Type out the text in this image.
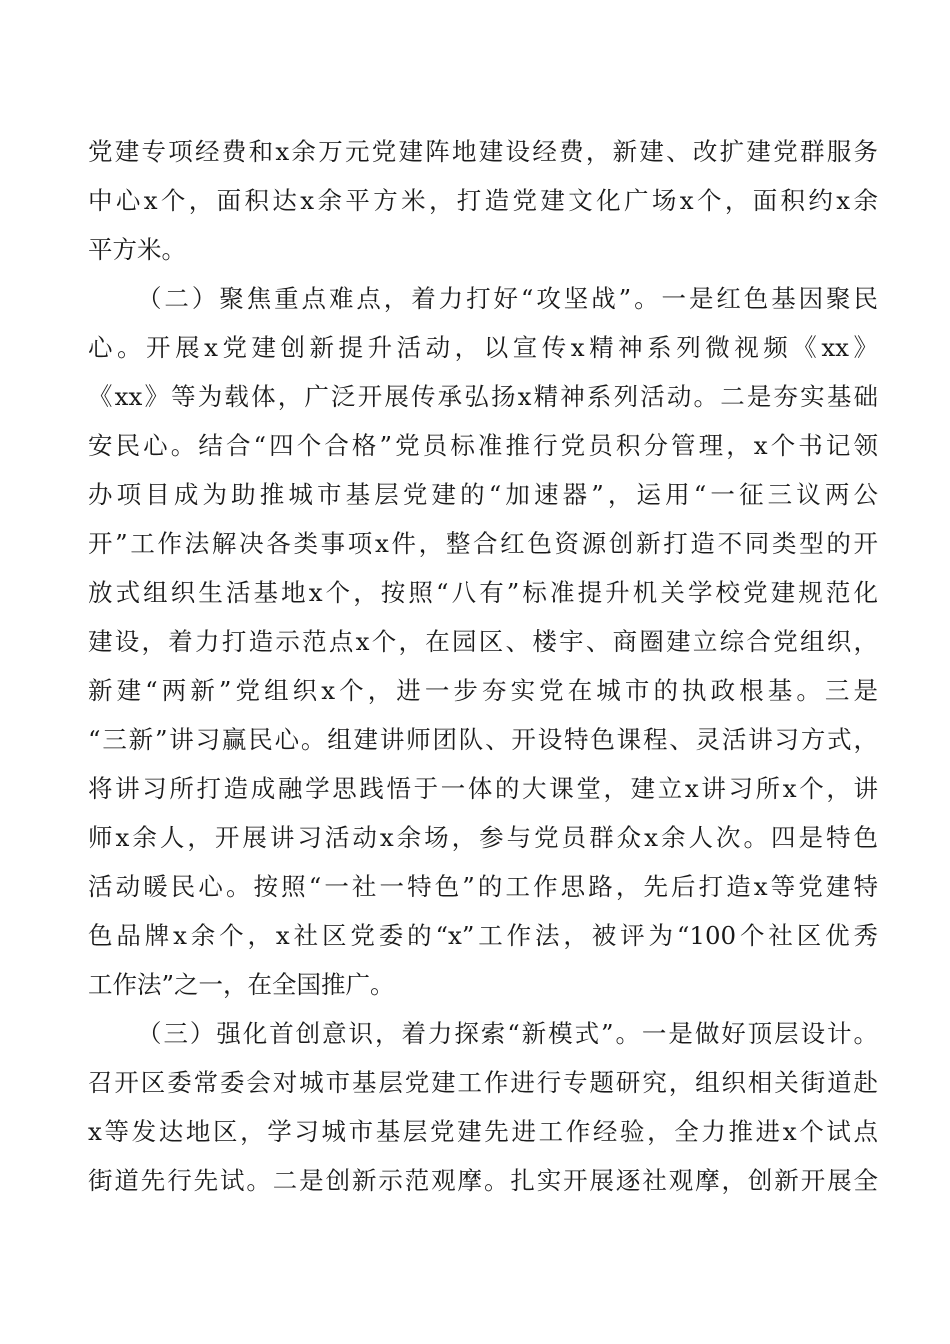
党建专项经费和x余万元党建阵地建设经费，新建、改扩建党群服务
中心x个，面积达x余平方米，打造党建文化广场x个，面积约x余
平方米。
（二）聚焦重点难点，着力打好“攻坚战”。一是红色基因聚民
心。开展x党建创新提升活动，以宣传x精神系列微视频《xx》
《xx》等为载体，广泛开展传承弘扬x精神系列活动。二是夯实基础
安民心。结合“四个合格”党员标准推行党员积分管理，x个书记领
办项目成为助推城市基层党建的“加速器”，运用“一征三议两公
开”工作法解决各类事项x件，整合红色资源创新打造不同类型的开
放式组织生活基地x个，按照“八有”标准提升机关学校党建规范化
建设，着力打造示范点x个，在园区、楼宇、商圈建立综合党组织，
新建“两新”党组织x个，进一步夯实党在城市的执政根基。三是
“三新”讲习赢民心。组建讲师团队、开设特色课程、灵活讲习方式，
将讲习所打造成融学思践悟于一体的大课堂，建立x讲习所x个，讲
师x余人，开展讲习活动x余场，参与党员群众x余人次。四是特色
活动暖民心。按照“一社一特色”的工作思路，先后打造x等党建特
色品牌x余个，x社区党委的“x”工作法，被评为“100个社区优秀
工作法”之一，在全国推广。
（三）强化首创意识，着力探索“新模式”。一是做好顶层设计。
召开区委常委会对城市基层党建工作进行专题研究，组织相关街道赴
x等发达地区，学习城市基层党建先进工作经验，全力推进x个试点
街道先行先试。二是创新示范观摩。扎实开展逐社观摩，创新开展全
